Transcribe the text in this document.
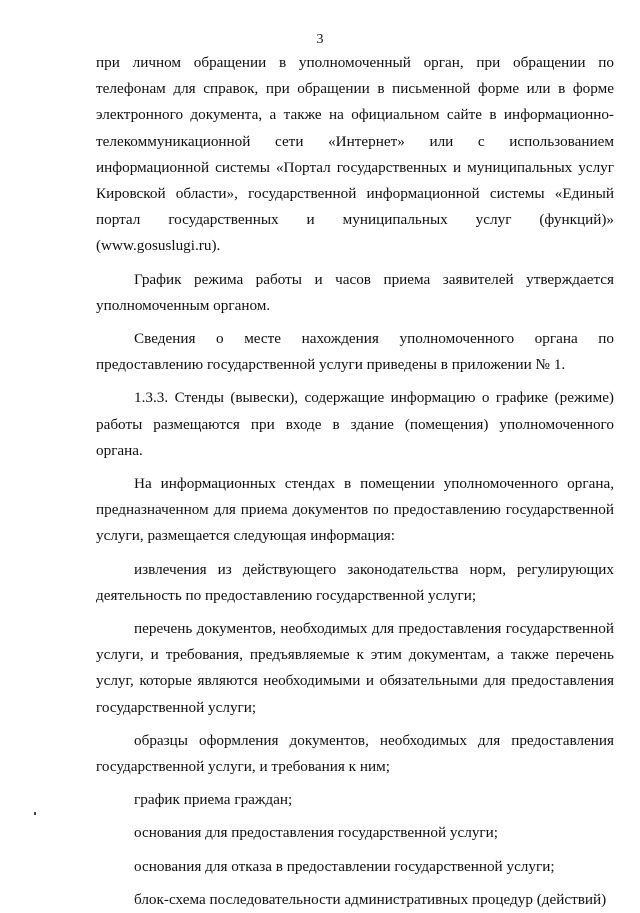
3

при личном обращении в уполномоченный орган, при обращении по телефонам для справок, при обращении в письменной форме или в форме электронного документа, а также на официальном сайте в информационно-телекоммуникационной сети «Интернет» или с использованием информационной системы «Портал государственных и муниципальных услуг Кировской области», государственной информационной системы «Единый портал государственных и муниципальных услуг (функций)» (www.gosuslugi.ru).

График режима работы и часов приема заявителей утверждается уполномоченным органом.

Сведения о месте нахождения уполномоченного органа по предоставлению государственной услуги приведены в приложении № 1.

1.3.3. Стенды (вывески), содержащие информацию о графике (режиме) работы размещаются при входе в здание (помещения) уполномоченного органа.

На информационных стендах в помещении уполномоченного органа, предназначенном для приема документов по предоставлению государственной услуги, размещается следующая информация:

извлечения из действующего законодательства норм, регулирующих деятельность по предоставлению государственной услуги;

перечень документов, необходимых для предоставления государственной услуги, и требования, предъявляемые к этим документам, а также перечень услуг, которые являются необходимыми и обязательными для предоставления государственной услуги;

образцы оформления документов, необходимых для предоставления государственной услуги, и требования к ним;

график приема граждан;

основания для предоставления государственной услуги;

основания для отказа в предоставлении государственной услуги;

блок-схема последовательности административных процедур (действий)
